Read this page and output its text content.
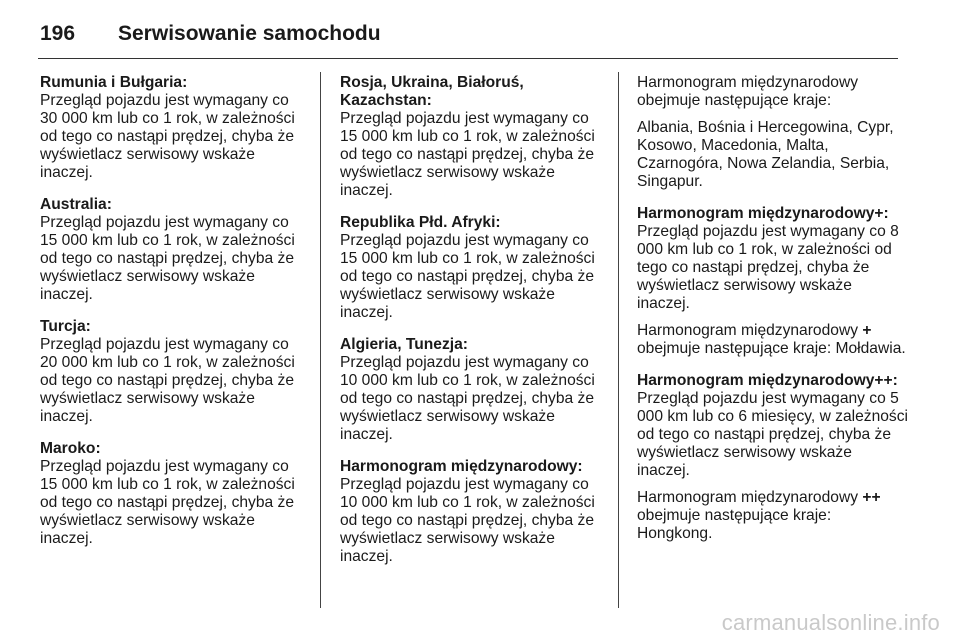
196	Serwisowanie samochodu
Rumunia i Bułgaria:
Przegląd pojazdu jest wymagany co 30 000 km lub co 1 rok, w zależności od tego co nastąpi prędzej, chyba że wyświetlacz serwisowy wskaże inaczej.
Australia:
Przegląd pojazdu jest wymagany co 15 000 km lub co 1 rok, w zależności od tego co nastąpi prędzej, chyba że wyświetlacz serwisowy wskaże inaczej.
Turcja:
Przegląd pojazdu jest wymagany co 20 000 km lub co 1 rok, w zależności od tego co nastąpi prędzej, chyba że wyświetlacz serwisowy wskaże inaczej.
Maroko:
Przegląd pojazdu jest wymagany co 15 000 km lub co 1 rok, w zależności od tego co nastąpi prędzej, chyba że wyświetlacz serwisowy wskaże inaczej.
Rosja, Ukraina, Białoruś, Kazachstan:
Przegląd pojazdu jest wymagany co 15 000 km lub co 1 rok, w zależności od tego co nastąpi prędzej, chyba że wyświetlacz serwisowy wskaże inaczej.
Republika Płd. Afryki:
Przegląd pojazdu jest wymagany co 15 000 km lub co 1 rok, w zależności od tego co nastąpi prędzej, chyba że wyświetlacz serwisowy wskaże inaczej.
Algieria, Tunezja:
Przegląd pojazdu jest wymagany co 10 000 km lub co 1 rok, w zależności od tego co nastąpi prędzej, chyba że wyświetlacz serwisowy wskaże inaczej.
Harmonogram międzynarodowy:
Przegląd pojazdu jest wymagany co 10 000 km lub co 1 rok, w zależności od tego co nastąpi prędzej, chyba że wyświetlacz serwisowy wskaże inaczej.
Harmonogram międzynarodowy obejmuje następujące kraje:
Albania, Bośnia i Hercegowina, Cypr, Kosowo, Macedonia, Malta, Czarnogóra, Nowa Zelandia, Serbia, Singapur.
Harmonogram międzynarodowy+:
Przegląd pojazdu jest wymagany co 8 000 km lub co 1 rok, w zależności od tego co nastąpi prędzej, chyba że wyświetlacz serwisowy wskaże inaczej.
Harmonogram międzynarodowy +
obejmuje następujące kraje: Mołdawia.
Harmonogram międzynarodowy++:
Przegląd pojazdu jest wymagany co 5 000 km lub co 6 miesięcy, w zależności od tego co nastąpi prędzej, chyba że wyświetlacz serwisowy wskaże inaczej.
Harmonogram międzynarodowy ++
obejmuje następujące kraje: Hongkong.
carmanualsonline.info
